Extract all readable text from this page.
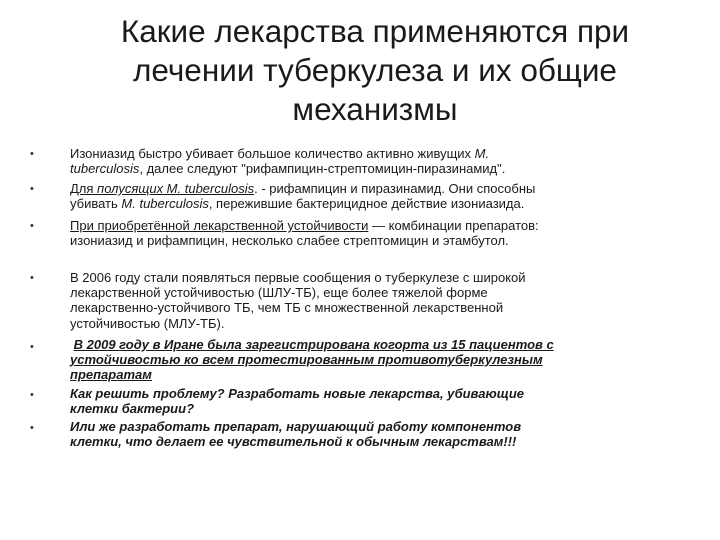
Какие лекарства применяются при
лечении туберкулеза и их общие
механизмы
•	Изониазид быстро убивает большое количество активно живущих M.
tuberculosis, далее следуют "рифампицин-стрептомицин-пиразинамид".
•	Для полусящих M. tuberculosis. - рифампицин и пиразинамид. Они способны
убивать M. tuberculosis, пережившие бактерицидное действие изониазида.
•	При приобретённой лекарственной устойчивости — комбинации препаратов:
изониазид и рифампицин, несколько слабее стрептомицин и этамбутол.
•	В 2006 году стали появляться первые сообщения о туберкулезе с широкой
лекарственной устойчивостью (ШЛУ-ТБ), еще более тяжелой форме
лекарственно-устойчивого ТБ, чем ТБ с множественной лекарственной
устойчивостью (МЛУ-ТБ).
•	В 2009 году в Иране была зарегистрирована когорта из 15 пациентов с
устойчивостью ко всем протестированным противотуберкулезным
препаратам
•	Как решить проблему? Разработать новые лекарства, убивающие
клетки бактерии?
•	Или же разработать препарат, нарушающий работу компонентов
клетки, что делает ее чувствительной к обычным лекарствам!!!
